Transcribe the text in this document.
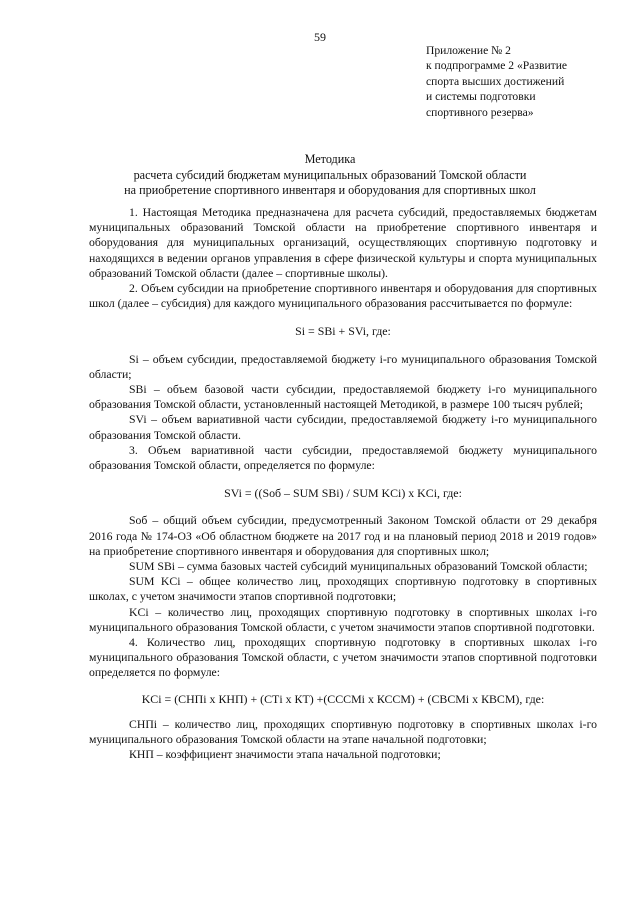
59
Приложение № 2
к подпрограмме 2 «Развитие
спорта высших достижений
и системы подготовки
спортивного резерва»
Методика
расчета субсидий бюджетам муниципальных образований Томской области
на приобретение спортивного инвентаря и оборудования для спортивных школ

1. Настоящая Методика предназначена для расчета субсидий, предоставляемых бюджетам муниципальных образований Томской области на приобретение спортивного инвентаря и оборудования для муниципальных организаций, осуществляющих спортивную подготовку и находящихся в ведении органов управления в сфере физической культуры и спорта муниципальных образований Томской области (далее – спортивные школы).

2. Объем субсидии на приобретение спортивного инвентаря и оборудования для спортивных школ (далее – субсидия) для каждого муниципального образования рассчитывается по формуле:

Si = SBi + SVi, где:

Si – объем субсидии, предоставляемой бюджету i-го муниципального образования Томской области;

SBi – объем базовой части субсидии, предоставляемой бюджету i-го муниципального образования Томской области, установленный настоящей Методикой, в размере 100 тысяч рублей;

SVi – объем вариативной части субсидии, предоставляемой бюджету i-го муниципального образования Томской области.

3. Объем вариативной части субсидии, предоставляемой бюджету муниципального образования Томской области, определяется по формуле:

SVi = ((Sоб – SUM SBi) / SUM KCi) х KCi, где:

Sоб – общий объем субсидии, предусмотренный Законом Томской области от 29 декабря 2016 года № 174-ОЗ «Об областном бюджете на 2017 год и на плановый период 2018 и 2019 годов» на приобретение спортивного инвентаря и оборудования для спортивных школ;

SUM SBi – сумма базовых частей субсидий муниципальных образований Томской области;

SUM KCi – общее количество лиц, проходящих спортивную подготовку в спортивных школах, с учетом значимости этапов спортивной подготовки;

KCi – количество лиц, проходящих спортивную подготовку в спортивных школах i-го муниципального образования Томской области, с учетом значимости этапов спортивной подготовки.

4. Количество лиц, проходящих спортивную подготовку в спортивных школах i-го муниципального образования Томской области, с учетом значимости этапов спортивной подготовки определяется по формуле:

KCi = (СНПi х КНП) + (СТi х КТ) +(ССCМi х КССМ) + (СВСМi х КВСМ), где:

СНПi – количество лиц, проходящих спортивную подготовку в спортивных школах i-го муниципального образования Томской области на этапе начальной подготовки;

КНП – коэффициент значимости этапа начальной подготовки;
